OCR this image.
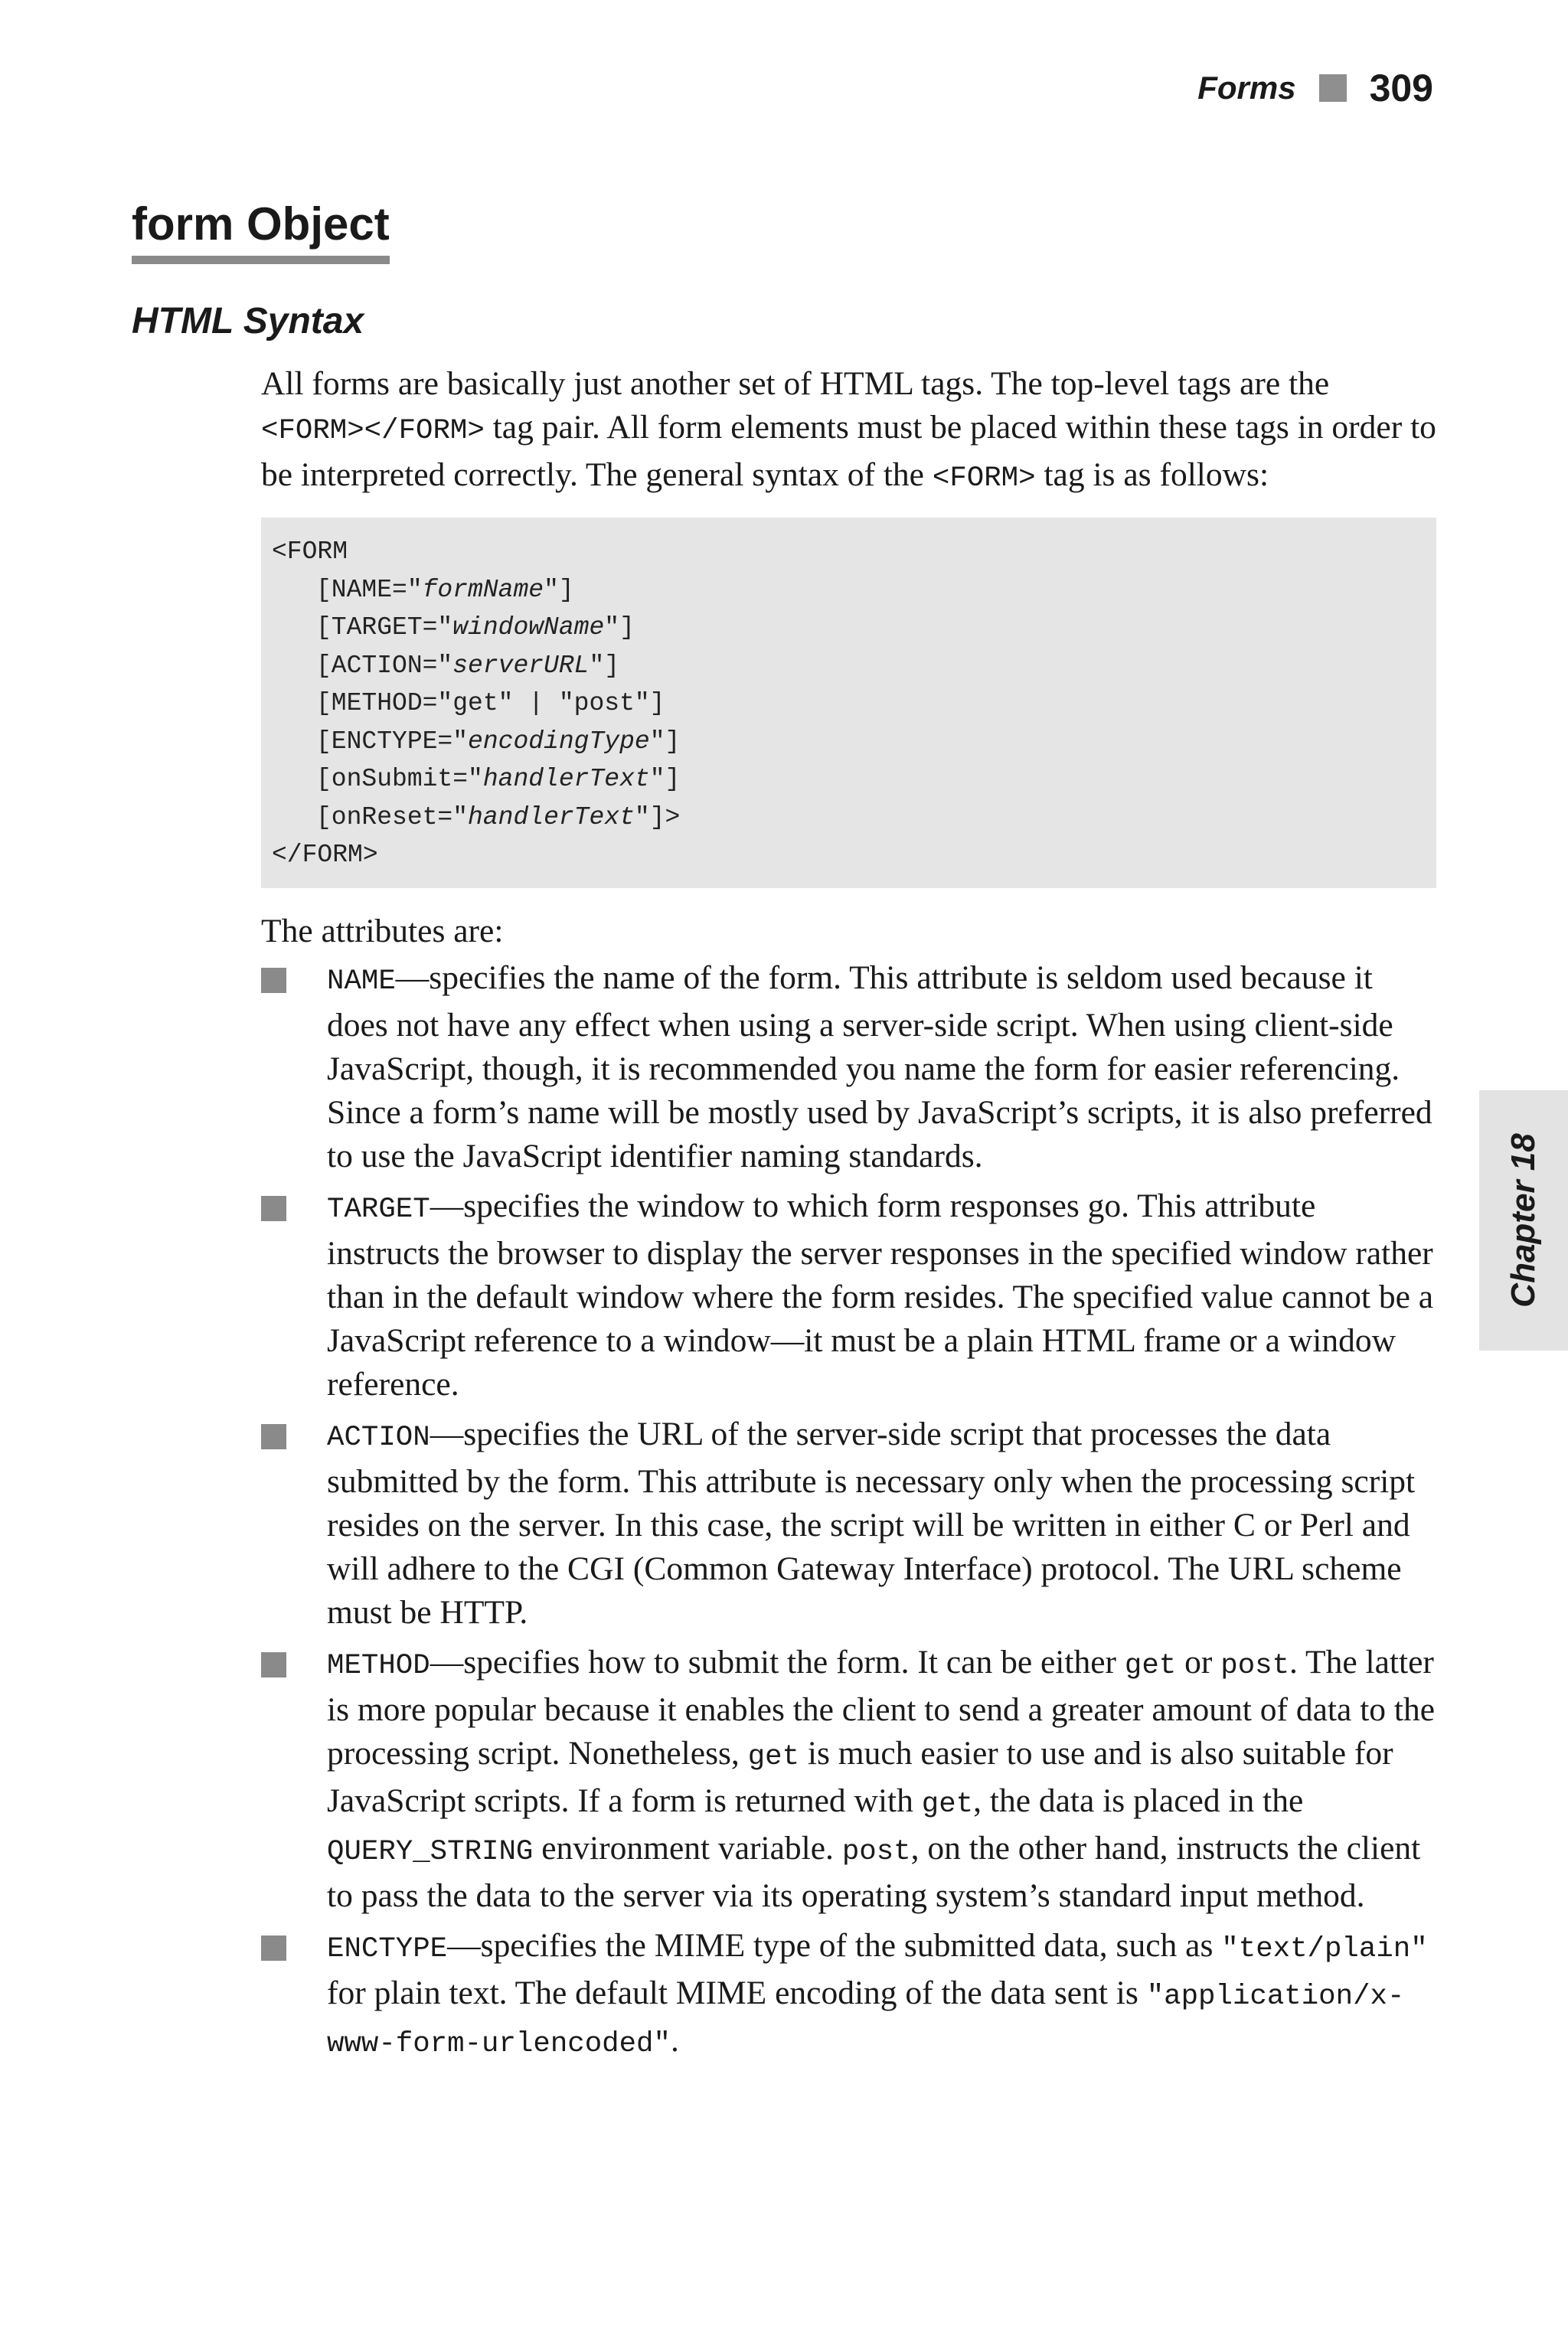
Forms 309
form Object
HTML Syntax

All forms are basically just another set of HTML tags. The top-level tags are the <FORM></FORM> tag pair. All form elements must be placed within these tags in order to be interpreted correctly. The general syntax of the <FORM> tag is as follows:

<FORM
[NAME="formName"]
[TARGET="windowName"]
[ACTION="serverURL"]
[METHOD="get" | "post"]
[ENCTYPE="encodingType"]
[onSubmit="handlerText"]
[onReset="handlerText"]>
</FORM>

The attributes are:

NAME—specifies the name of the form. This attribute is seldom used because it does not have any effect when using a server-side script. When using client-side JavaScript, though, it is recommended you name the form for easier referencing. Since a form’s name will be mostly used by JavaScript’s scripts, it is also preferred to use the JavaScript identifier naming standards.
TARGET—specifies the window to which form responses go. This attribute instructs the browser to display the server responses in the specified window rather than in the default window where the form resides. The specified value cannot be a JavaScript reference to a window—it must be a plain HTML frame or a window reference.
ACTION—specifies the URL of the server-side script that processes the data submitted by the form. This attribute is necessary only when the processing script resides on the server. In this case, the script will be written in either C or Perl and will adhere to the CGI (Common Gateway Interface) protocol. The URL scheme must be HTTP.
METHOD—specifies how to submit the form. It can be either get or post. The latter is more popular because it enables the client to send a greater amount of data to the processing script. Nonetheless, get is much easier to use and is also suitable for JavaScript scripts. If a form is returned with get, the data is placed in the QUERY_STRING environment variable. post, on the other hand, instructs the client to pass the data to the server via its operating system’s standard input method.
ENCTYPE—specifies the MIME type of the submitted data, such as "text/plain" for plain text. The default MIME encoding of the data sent is "application/x-www-form-urlencoded".
Chapter 18
